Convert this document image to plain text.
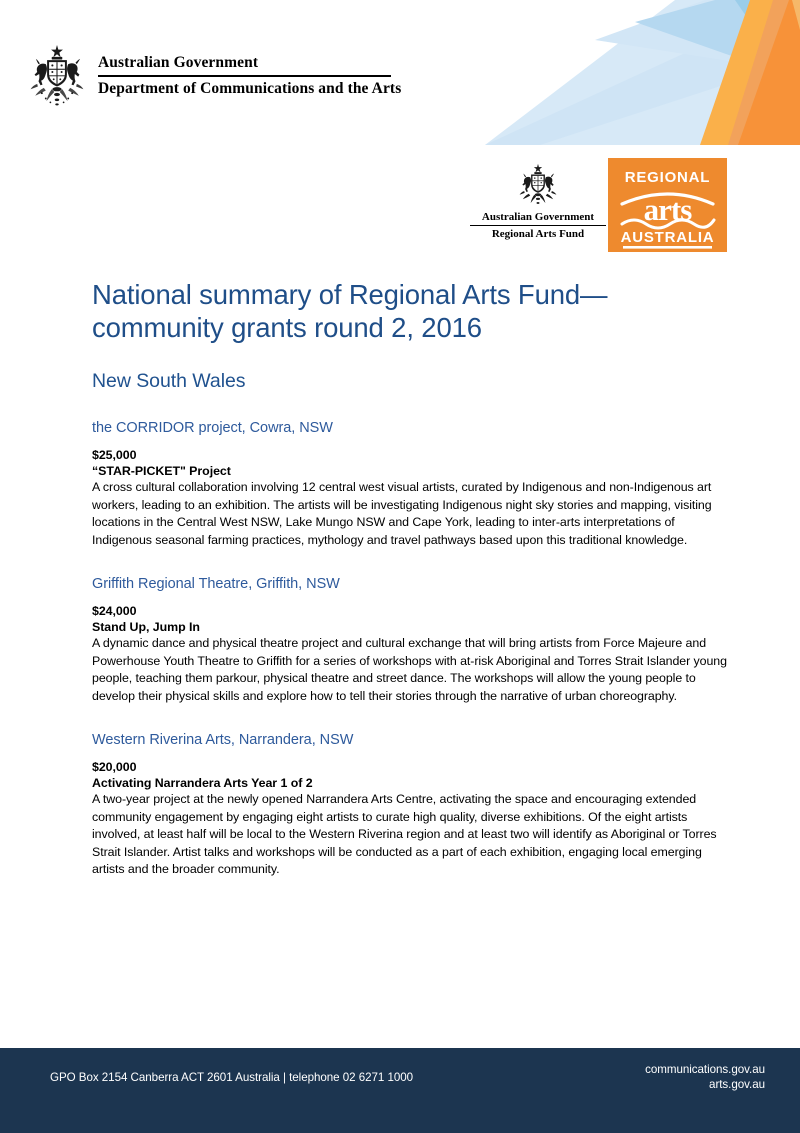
Australian Government
Department of Communications and the Arts
Australian Government
Regional Arts Fund
REGIONAL
arts
AUSTRALIA
National summary of Regional Arts Fund—
community grants round 2, 2016
New South Wales
the CORRIDOR project, Cowra, NSW
$25,000
“STAR-PICKET" Project
A cross cultural collaboration involving 12 central west visual artists, curated by Indigenous and non-Indigenous art workers, leading to an exhibition. The artists will be investigating Indigenous night sky stories and mapping, visiting locations in the Central West NSW, Lake Mungo NSW and Cape York, leading to inter-arts interpretations of Indigenous seasonal farming practices, mythology and travel pathways based upon this traditional knowledge.
Griffith Regional Theatre, Griffith, NSW
$24,000
Stand Up, Jump In
A dynamic dance and physical theatre project and cultural exchange that will bring artists from Force Majeure and Powerhouse Youth Theatre to Griffith for a series of workshops with at-risk Aboriginal and Torres Strait Islander young people, teaching them parkour, physical theatre and street dance. The workshops will allow the young people to develop their physical skills and explore how to tell their stories through the narrative of urban choreography.
Western Riverina Arts, Narrandera, NSW
$20,000
Activating Narrandera Arts Year 1 of 2
A two-year project at the newly opened Narrandera Arts Centre, activating the space and encouraging extended community engagement by engaging eight artists to curate high quality, diverse exhibitions. Of the eight artists involved, at least half will be local to the Western Riverina region and at least two will identify as Aboriginal or Torres Strait Islander. Artist talks and workshops will be conducted as a part of each exhibition, engaging local emerging artists and the broader community.
GPO Box 2154 Canberra ACT 2601 Australia | telephone 02 6271 1000
communications.gov.au
arts.gov.au
